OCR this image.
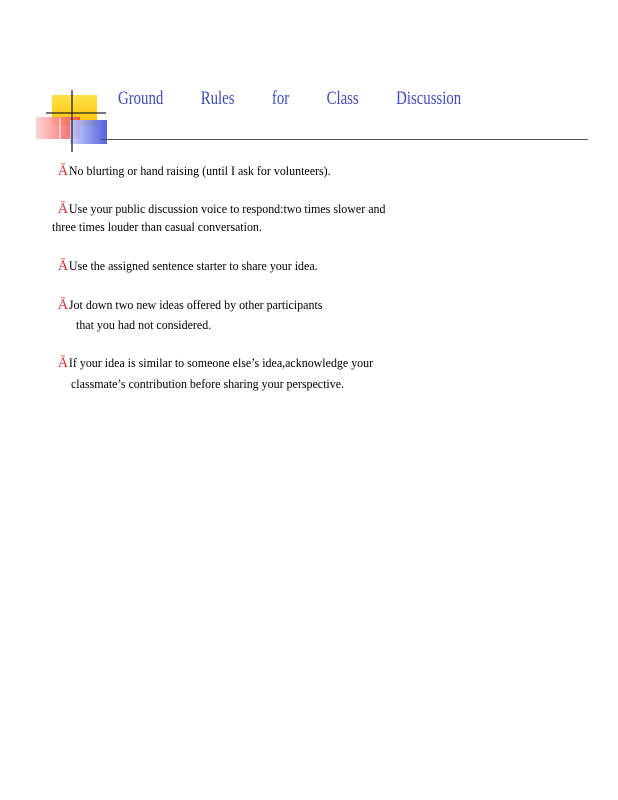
Ground Rules for Class Discussion
ĀNo blurting or hand raising (until I ask for volunteers).
ĀUse your public discussion voice to respond:two times slower and
three times louder than casual conversation.
ĀUse the assigned sentence starter to share your idea.
ĀJot down two new ideas offered by other participants
that you had not considered.
ĀIf your idea is similar to someone else’s idea,acknowledge your
classmate’s contribution before sharing your perspective.
